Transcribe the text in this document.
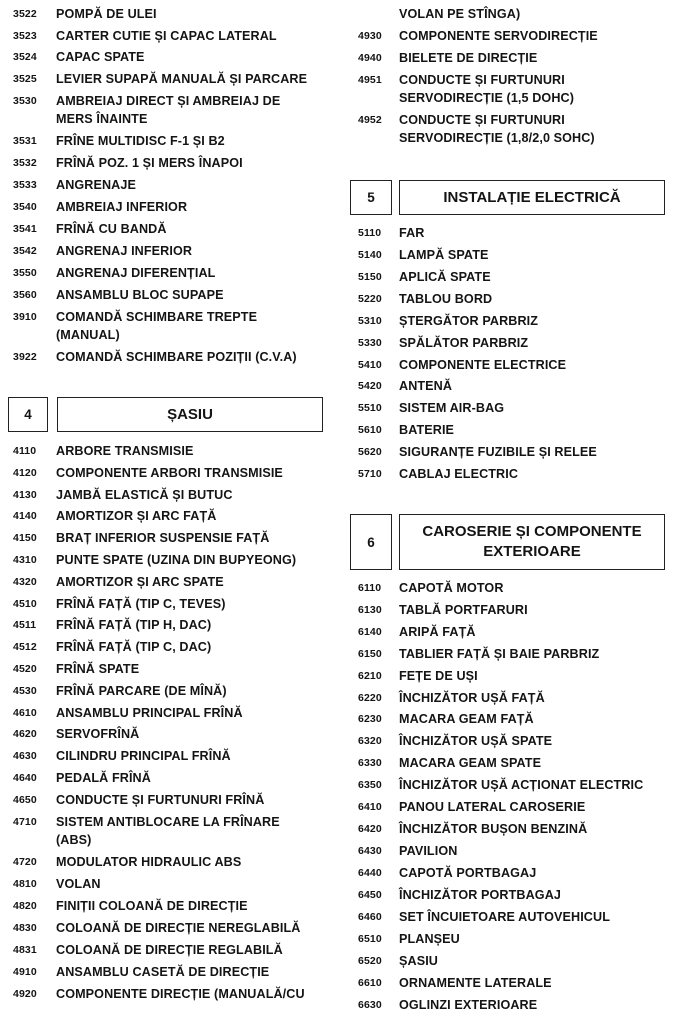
3522 POMPĂ DE ULEI
3523 CARTER CUTIE ȘI CAPAC LATERAL
3524 CAPAC SPATE
3525 LEVIER SUPAPĂ MANUALĂ ȘI PARCARE
3530 AMBREIAJ DIRECT ȘI AMBREIAJ DE MERS ÎNAINTE
3531 FRÎNE MULTIDISC F-1 ȘI B2
3532 FRÎNĂ POZ. 1 ȘI MERS ÎNAPOI
3533 ANGRENAJE
3540 AMBREIAJ INFERIOR
3541 FRÎNĂ CU BANDĂ
3542 ANGRENAJ INFERIOR
3550 ANGRENAJ DIFERENȚIAL
3560 ANSAMBLU BLOC SUPAPE
3910 COMANDĂ SCHIMBARE TREPTE (MANUAL)
3922 COMANDĂ SCHIMBARE POZIȚII (C.V.A)
4	ȘASIU
4110 ARBORE TRANSMISIE
4120 COMPONENTE ARBORI TRANSMISIE
4130 JAMBĂ ELASTICĂ ȘI BUTUC
4140 AMORTIZOR ȘI ARC FAȚĂ
4150 BRAȚ INFERIOR SUSPENSIE FAȚĂ
4310 PUNTE SPATE (UZINA DIN BUPYEONG)
4320 AMORTIZOR ȘI ARC SPATE
4510 FRÎNĂ FAȚĂ (TIP C, TEVES)
4511 FRÎNĂ FAȚĂ (TIP H, DAC)
4512 FRÎNĂ FAȚĂ (TIP C, DAC)
4520 FRÎNĂ SPATE
4530 FRÎNĂ PARCARE (DE MÎNĂ)
4610 ANSAMBLU PRINCIPAL FRÎNĂ
4620 SERVOFRÎNĂ
4630 CILINDRU PRINCIPAL FRÎNĂ
4640 PEDALĂ FRÎNĂ
4650 CONDUCTE ȘI FURTUNURI FRÎNĂ
4710 SISTEM ANTIBLOCARE LA FRÎNARE (ABS)
4720 MODULATOR HIDRAULIC ABS
4810 VOLAN
4820 FINIȚII COLOANĂ DE DIRECȚIE
4830 COLOANĂ DE DIRECȚIE NEREGLABILĂ
4831 COLOANĂ DE DIRECȚIE REGLABILĂ
4910 ANSAMBLU CASETĂ DE DIRECȚIE
4920 COMPONENTE DIRECȚIE (MANUALĂ/CU
VOLAN PE STÎNGA)
4930 COMPONENTE SERVODIRECȚIE
4940 BIELETE DE DIRECȚIE
4951 CONDUCTE ȘI FURTUNURI SERVODIRECȚIE (1,5 DOHC)
4952 CONDUCTE ȘI FURTUNURI SERVODIRECȚIE (1,8/2,0 SOHC)
5	INSTALAȚIE ELECTRICĂ
5110 FAR
5140 LAMPĂ SPATE
5150 APLICĂ SPATE
5220 TABLOU BORD
5310 ȘTERGĂTOR PARBRIZ
5330 SPĂLĂTOR PARBRIZ
5410 COMPONENTE ELECTRICE
5420 ANTENĂ
5510 SISTEM AIR-BAG
5610 BATERIE
5620 SIGURANȚE FUZIBILE ȘI RELEE
5710 CABLAJ ELECTRIC
6
CAROSERIE ȘI COMPONENTE
EXTERIOARE
6110 CAPOTĂ MOTOR
6130 TABLĂ PORTFARURI
6140 ARIPĂ FAȚĂ
6150 TABLIER FAȚĂ ȘI BAIE PARBRIZ
6210 FEȚE DE UȘI
6220 ÎNCHIZĂTOR UȘĂ FAȚĂ
6230 MACARA GEAM FAȚĂ
6320 ÎNCHIZĂTOR UȘĂ SPATE
6330 MACARA GEAM SPATE
6350 ÎNCHIZĂTOR UȘĂ ACȚIONAT ELECTRIC
6410 PANOU LATERAL CAROSERIE
6420 ÎNCHIZĂTOR BUȘON BENZINĂ
6430 PAVILION
6440 CAPOTĂ PORTBAGAJ
6450 ÎNCHIZĂTOR PORTBAGAJ
6460 SET ÎNCUIETOARE AUTOVEHICUL
6510 PLANȘEU
6520 ȘASIU
6610 ORNAMENTE LATERALE
6630 OGLINZI EXTERIOARE
